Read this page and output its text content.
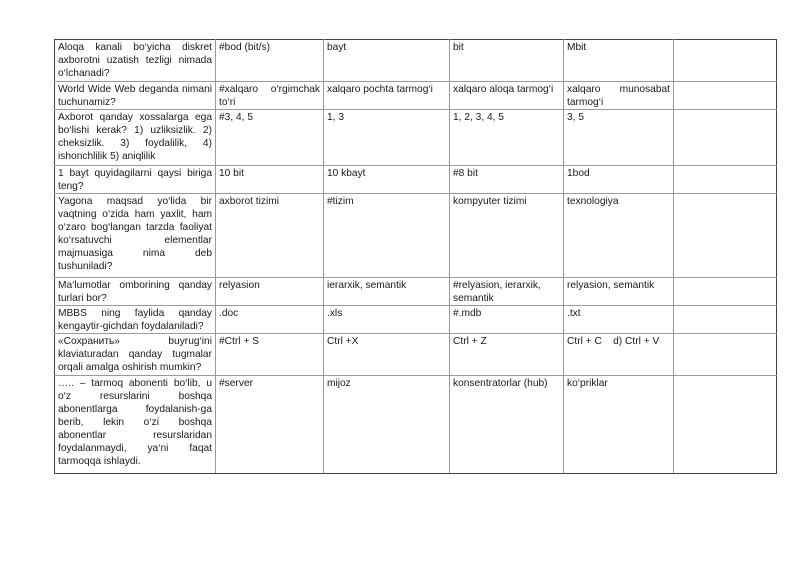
Aloqa kanali bo‘yicha diskret axborotni uzatish tezligi nimada o‘lchanadi?	#bod (bit/s)	bayt	bit	Mbit	
World Wide Web deganda nimani tuchunamiz?	#xalqaro o‘rgimchak to‘ri	xalqaro pochta tarmog‘i	xalqaro aloqa tarmog‘i	xalqaro munosabat tarmog‘i	
Axborot qanday xossalarga ega bo‘lishi kerak? 1) uzliksizlik. 2) cheksizlik. 3) foydalilik, 4) ishonchlilik 5) aniqlilik	#3, 4, 5	1, 3	1, 2, 3, 4, 5	3, 5	
1 bayt quyidagilarni qaysi biriga teng?	10 bit	10 kbayt	#8 bit	1bod	
Yagona maqsad yo‘lida bir vaqtning o‘zida ham yaxlit, ham o‘zaro bog‘langan tarzda faoliyat ko‘rsatuvchi elementlar majmuasiga nima deb tushuniladi?	axborot tizimi	#tizim	kompyuter tizimi	texnologiya	
Ma‘lumotlar omborining qanday turlari bor?	relyasion	ierarxik, semantik	#relyasion, ierarxik, semantik	relyasion, semantik	
MBBS ning faylida qanday kengaytir-gichdan foydalaniladi?	.doc	.xls	#.mdb	.txt	
«Сохранить» buyrug‘ini klaviaturadan qanday tugmalar orqali amalga oshirish mumkin?	#Ctrl + S	Ctrl +X	Ctrl + Z	Ctrl + C    d) Ctrl + V	
….. – tarmoq abonenti bo‘lib, u o‘z resurslarini boshqa abonentlarga foydalanish-ga berib, lekin o‘zi boshqa abonentlar resurslaridan foydalanmaydi, ya‘ni faqat tarmoqqa ishlaydi.	#server	mijoz	konsentratorlar (hub)	ko‘priklar	
